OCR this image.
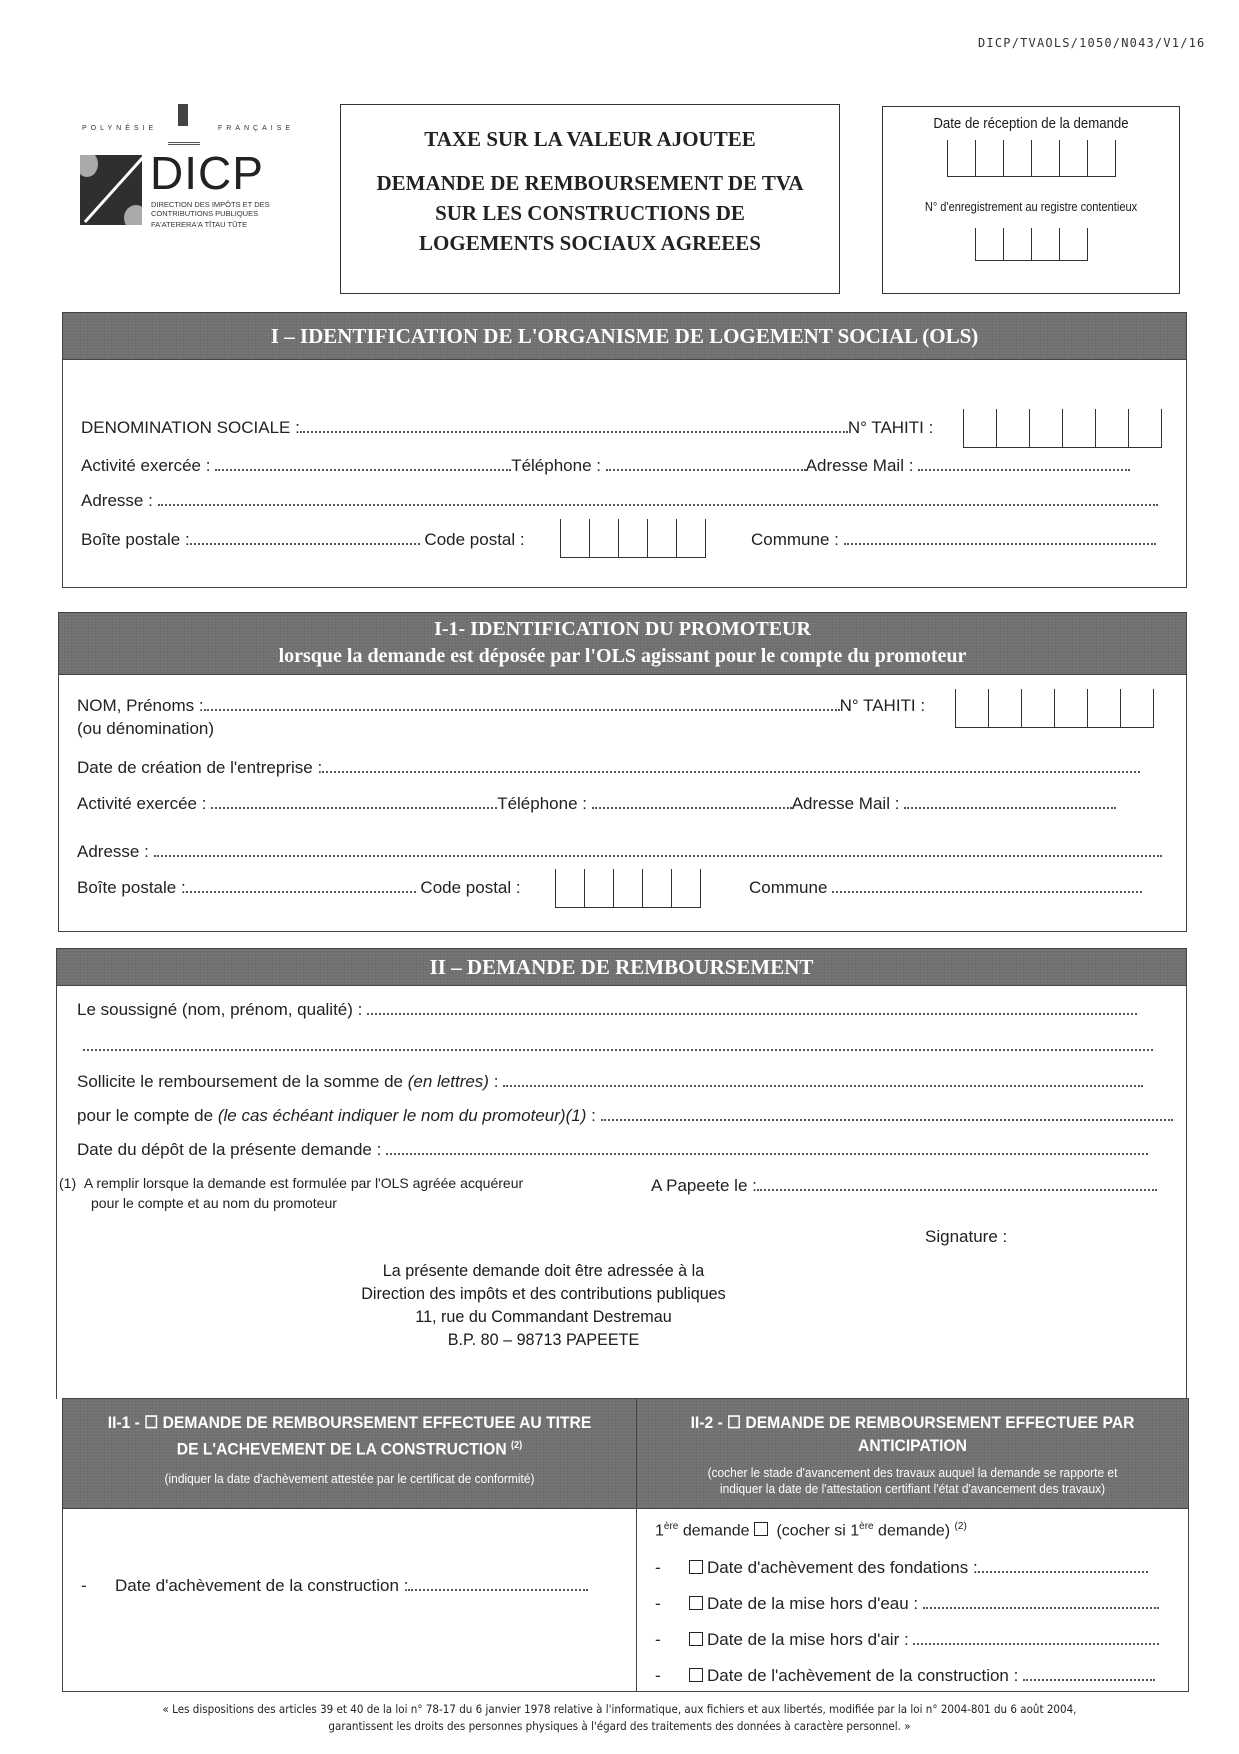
DICP/TVAOLS/1050/N043/V1/16
POLYNÉSIE	FRANÇAISE
DICP
DIRECTION DES IMPÔTS ET DES
CONTRIBUTIONS PUBLIQUES
FA'ATERERA'A TĪTAU TŪTE
TAXE SUR LA VALEUR AJOUTEE
DEMANDE DE REMBOURSEMENT DE TVA
SUR LES CONSTRUCTIONS DE
LOGEMENTS SOCIAUX AGREEES
Date de réception de la demande
N° d'enregistrement au registre contentieux
I – IDENTIFICATION DE L'ORGANISME DE LOGEMENT SOCIAL (OLS)
DENOMINATION SOCIALE :	N° TAHITI :
Activité exercée :	Téléphone :	Adresse Mail :
Adresse :
Boîte postale :	Code postal :	Commune :
I-1- IDENTIFICATION DU PROMOTEUR
lorsque la demande est déposée par l'OLS agissant pour le compte du promoteur
NOM, Prénoms :	N° TAHITI :
(ou dénomination)
Date de création de l'entreprise :
Activité exercée :	Téléphone :	Adresse Mail :
Adresse :
Boîte postale :	Code postal :	Commune
II – DEMANDE DE REMBOURSEMENT
Le soussigné (nom, prénom, qualité) :
Sollicite le remboursement de la somme de (en lettres) :
pour le compte de (le cas échéant indiquer le nom du promoteur)(1) :
Date du dépôt de la présente demande :
(1) A remplir lorsque la demande est formulée par l'OLS agréée acquéreur
pour le compte et au nom du promoteur
A Papeete le :
Signature :
La présente demande doit être adressée à la
Direction des impôts et des contributions publiques
11, rue du Commandant Destremau
B.P. 80 – 98713 PAPEETE
II-1 - ☐ DEMANDE DE REMBOURSEMENT EFFECTUEE AU TITRE
DE L'ACHEVEMENT DE LA CONSTRUCTION $^{(2)}$
(indiquer la date d'achèvement attestée par le certificat de conformité)
- Date d'achèvement de la construction :
II-2 - ☐ DEMANDE DE REMBOURSEMENT EFFECTUEE PAR
ANTICIPATION
(cocher le stade d'avancement des travaux auquel la demande se rapporte et
indiquer la date de l'attestation certifiant l'état d'avancement des travaux)
1ère demande (cocher si 1ère demande) $^{(2)}$
-	Date d'achèvement des fondations :
-	Date de la mise hors d'eau :
-	Date de la mise hors d'air :
-	Date de l'achèvement de la construction :
« Les dispositions des articles 39 et 40 de la loi n° 78-17 du 6 janvier 1978 relative à l'informatique, aux fichiers et aux libertés, modifiée par la loi n° 2004-801 du 6 août 2004,
garantissent les droits des personnes physiques à l'égard des traitements des données à caractère personnel. »
